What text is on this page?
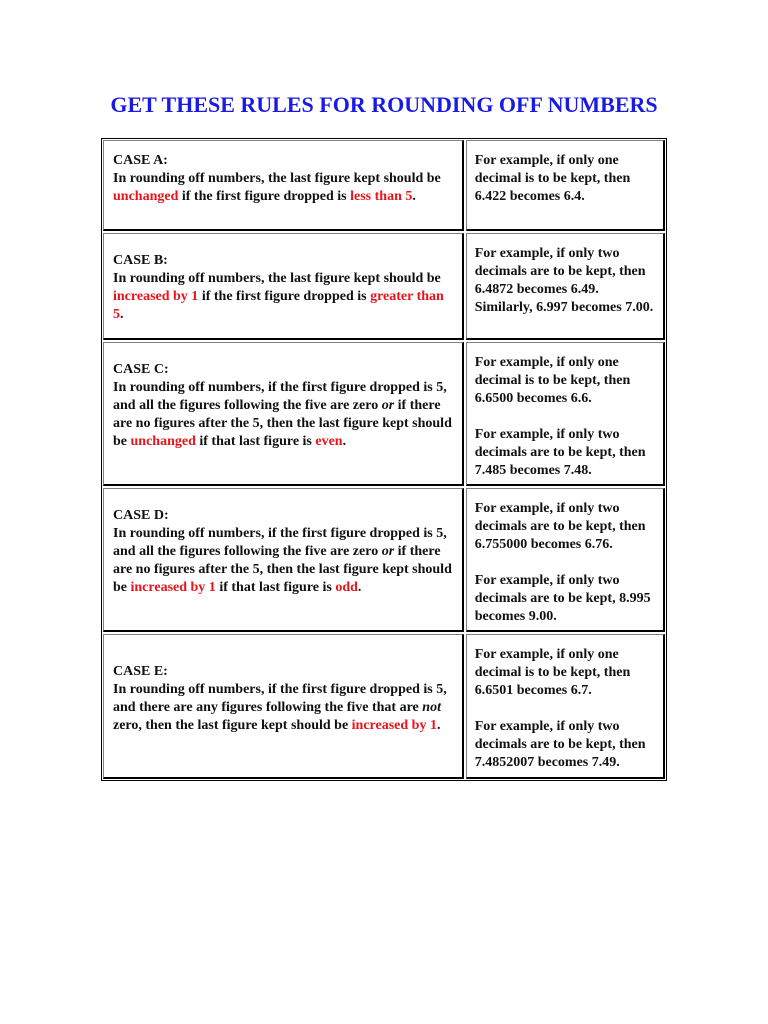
GET THESE RULES FOR ROUNDING OFF NUMBERS
CASE A:
In rounding off numbers, the last figure kept should be unchanged if the first figure dropped is less than 5.

For example, if only one decimal is to be kept, then 6.422 becomes 6.4.

CASE B:
In rounding off numbers, the last figure kept should be increased by 1 if the first figure dropped is greater than 5.

For example, if only two decimals are to be kept, then 6.4872 becomes 6.49. Similarly, 6.997 becomes 7.00.

CASE C:
In rounding off numbers, if the first figure dropped is 5, and all the figures following the five are zero or if there are no figures after the 5, then the last figure kept should be unchanged if that last figure is even.

For example, if only one decimal is to be kept, then 6.6500 becomes 6.6.

For example, if only two decimals are to be kept, then 7.485 becomes 7.48.

CASE D:
In rounding off numbers, if the first figure dropped is 5, and all the figures following the five are zero or if there are no figures after the 5, then the last figure kept should be increased by 1 if that last figure is odd.

For example, if only two decimals are to be kept, then 6.755000 becomes 6.76.

For example, if only two decimals are to be kept, 8.995 becomes 9.00.

CASE E:
In rounding off numbers, if the first figure dropped is 5, and there are any figures following the five that are not zero, then the last figure kept should be increased by 1.

For example, if only one decimal is to be kept, then 6.6501 becomes 6.7.

For example, if only two decimals are to be kept, then 7.4852007 becomes 7.49.
